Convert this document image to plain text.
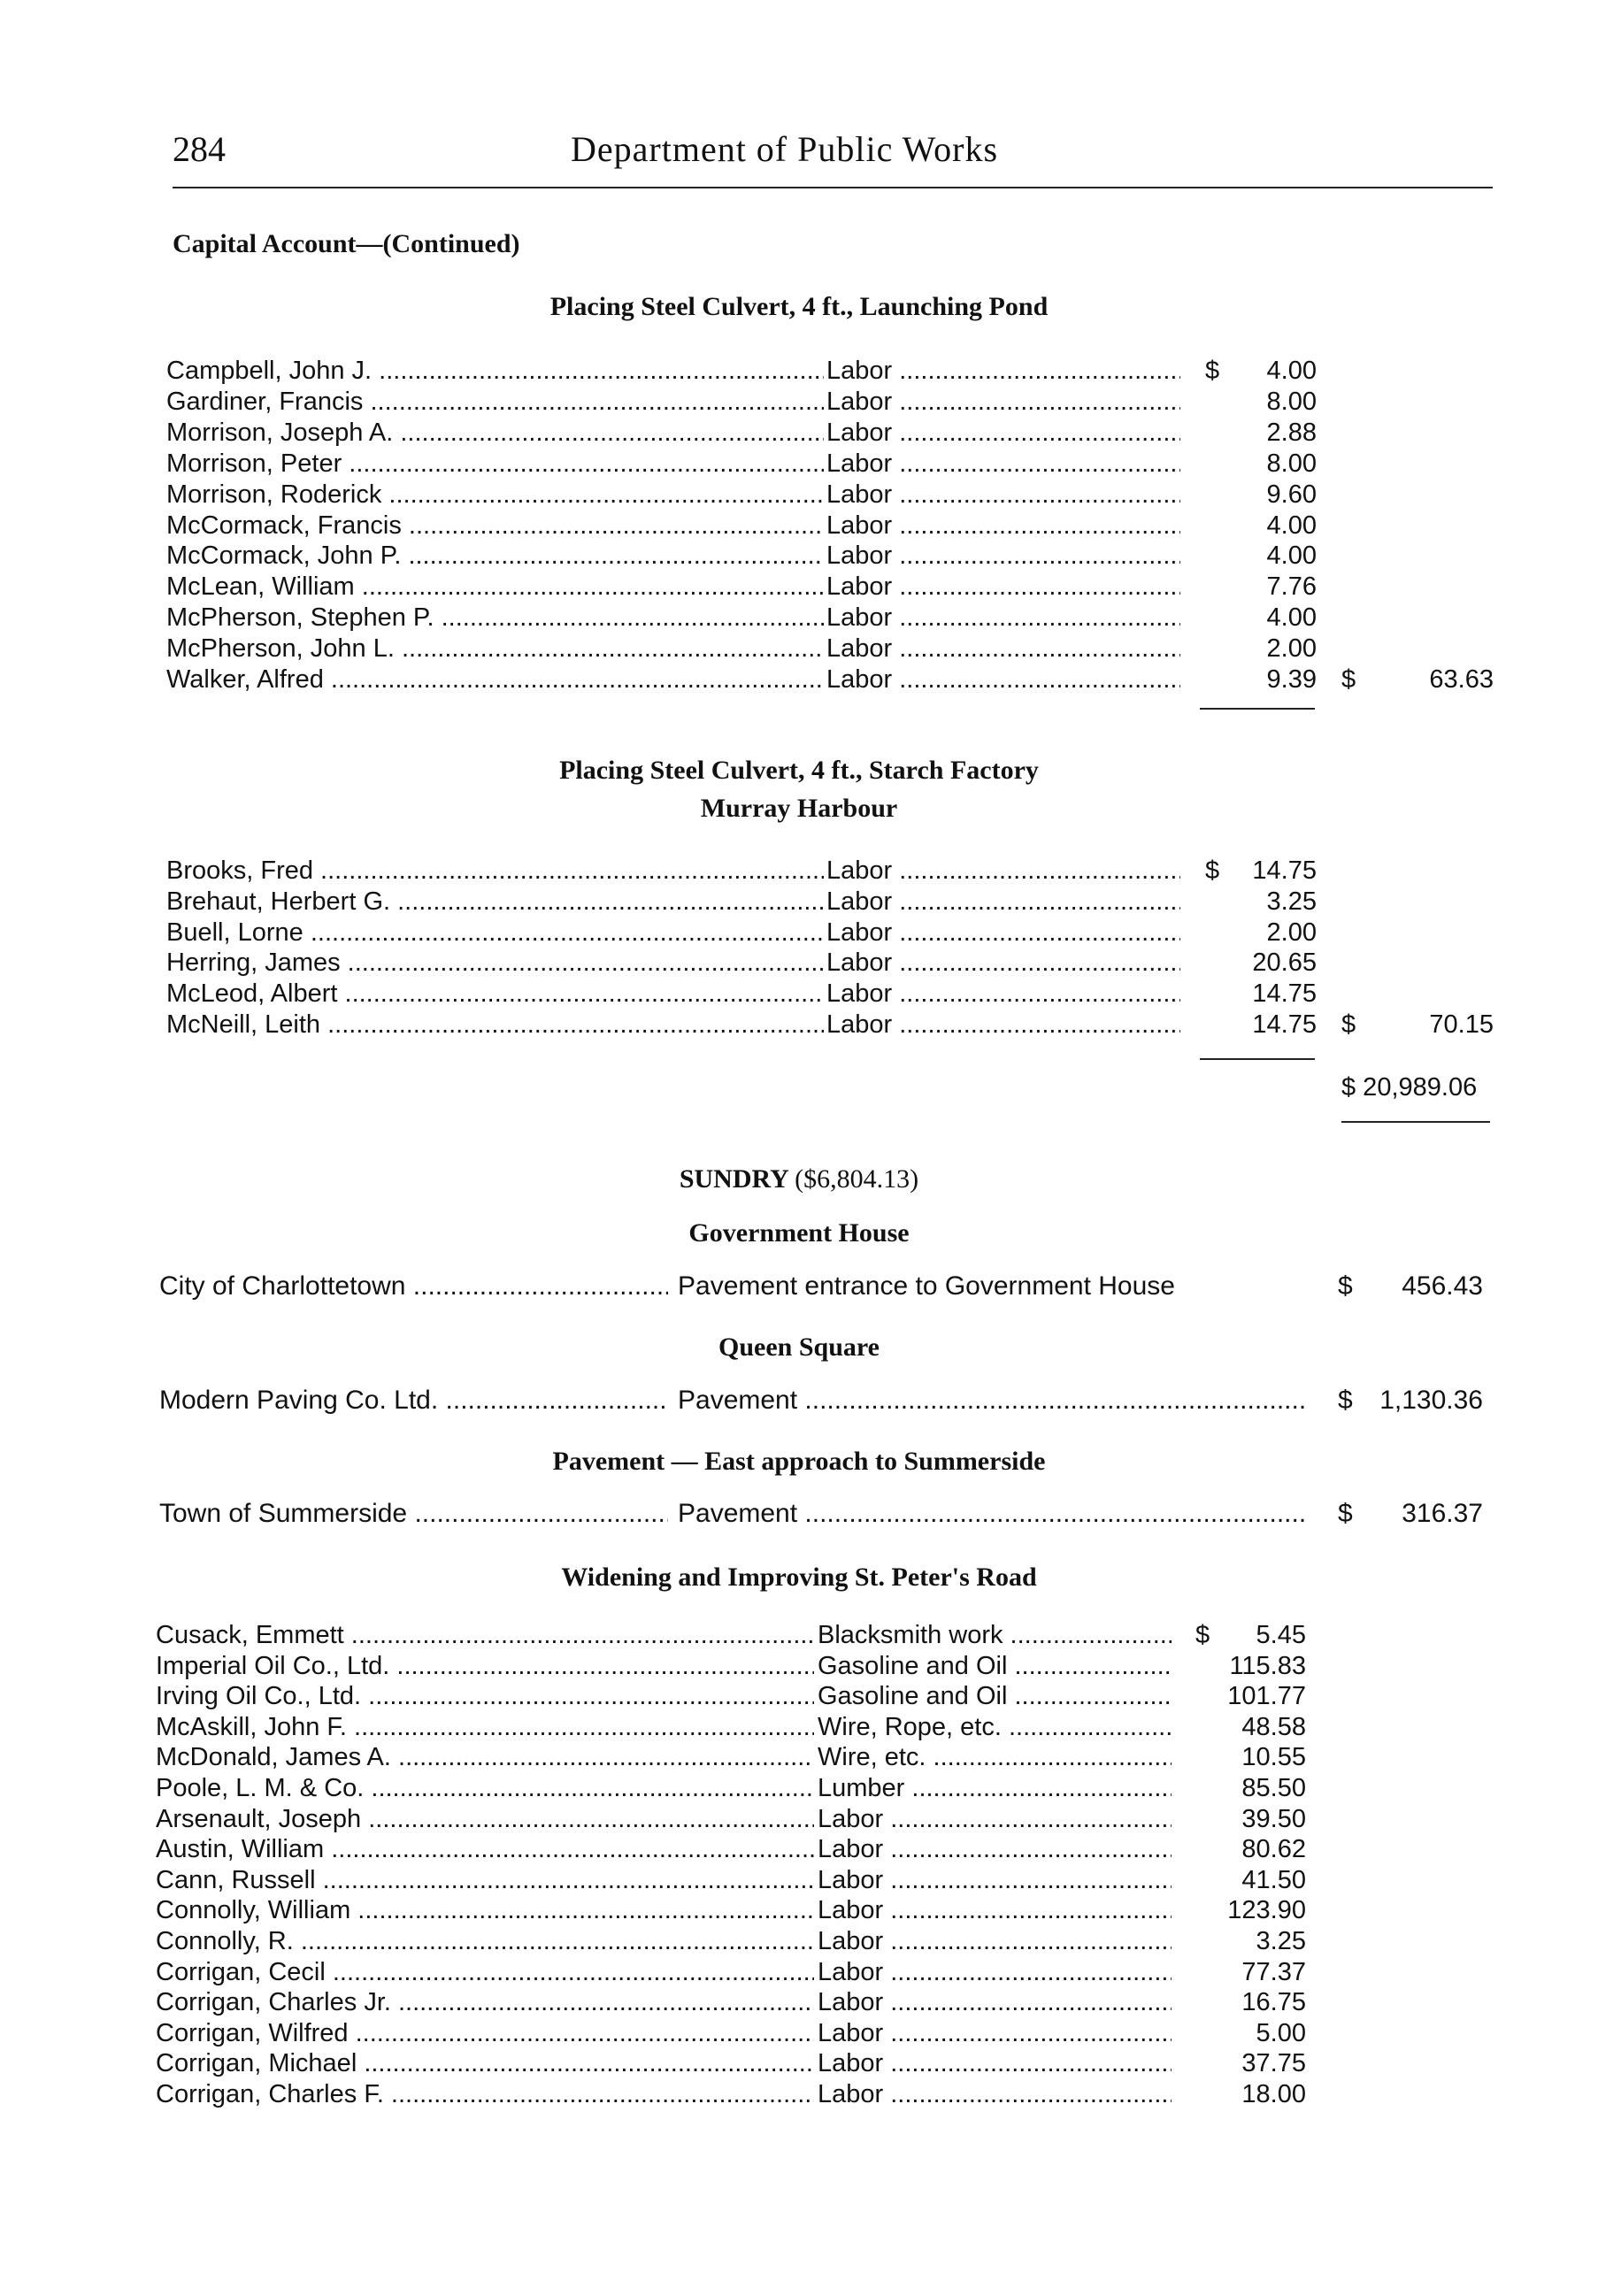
284	Department of Public Works
Capital Account—(Continued)
Placing Steel Culvert, 4 ft., Launching Pond
Campbell, John J. .....	Labor .....	$ 4.00
Gardiner, Francis .....	Labor .....	8.00
Morrison, Joseph A. .....	Labor .....	2.88
Morrison, Peter .....	Labor .....	8.00
Morrison, Roderick .....	Labor .....	9.60
McCormack, Francis .....	Labor .....	4.00
McCormack, John P. .....	Labor .....	4.00
McLean, William .....	Labor .....	7.76
McPherson, Stephen P. .....	Labor .....	4.00
McPherson, John L. .....	Labor .....	2.00
Walker, Alfred .....	Labor .....	9.39 $	63.63
Placing Steel Culvert, 4 ft., Starch Factory
Murray Harbour
Brooks, Fred .....	Labor .....	$ 14.75
Brehaut, Herbert G. .....	Labor .....	3.25
Buell, Lorne .....	Labor .....	2.00
Herring, James .....	Labor .....	20.65
McLeod, Albert .....	Labor .....	14.75
McNeill, Leith .....	Labor .....	14.75 $	70.15
$ 20,989.06
SUNDRY ($6,804.13)
Government House
City of Charlottetown .....	Pavement entrance to Government House	$ 456.43
Queen Square
Modern Paving Co. Ltd. .....	Pavement .....	$ 1,130.36
Pavement — East approach to Summerside
Town of Summerside .....	Pavement .....	$ 316.37
Widening and Improving St. Peter's Road
Cusack, Emmett .....	Blacksmith work .....	$ 5.45
Imperial Oil Co., Ltd. .....	Gasoline and Oil .....	115.83
Irving Oil Co., Ltd. .....	Gasoline and Oil .....	101.77
McAskill, John F. .....	Wire, Rope, etc. .....	48.58
McDonald, James A. .....	Wire, etc. .....	10.55
Poole, L. M. & Co. .....	Lumber .....	85.50
Arsenault, Joseph .....	Labor .....	39.50
Austin, William .....	Labor .....	80.62
Cann, Russell .....	Labor .....	41.50
Connolly, William .....	Labor .....	123.90
Connolly, R. .....	Labor .....	3.25
Corrigan, Cecil .....	Labor .....	77.37
Corrigan, Charles Jr. .....	Labor .....	16.75
Corrigan, Wilfred .....	Labor .....	5.00
Corrigan, Michael .....	Labor .....	37.75
Corrigan, Charles F. .....	Labor .....	18.00
